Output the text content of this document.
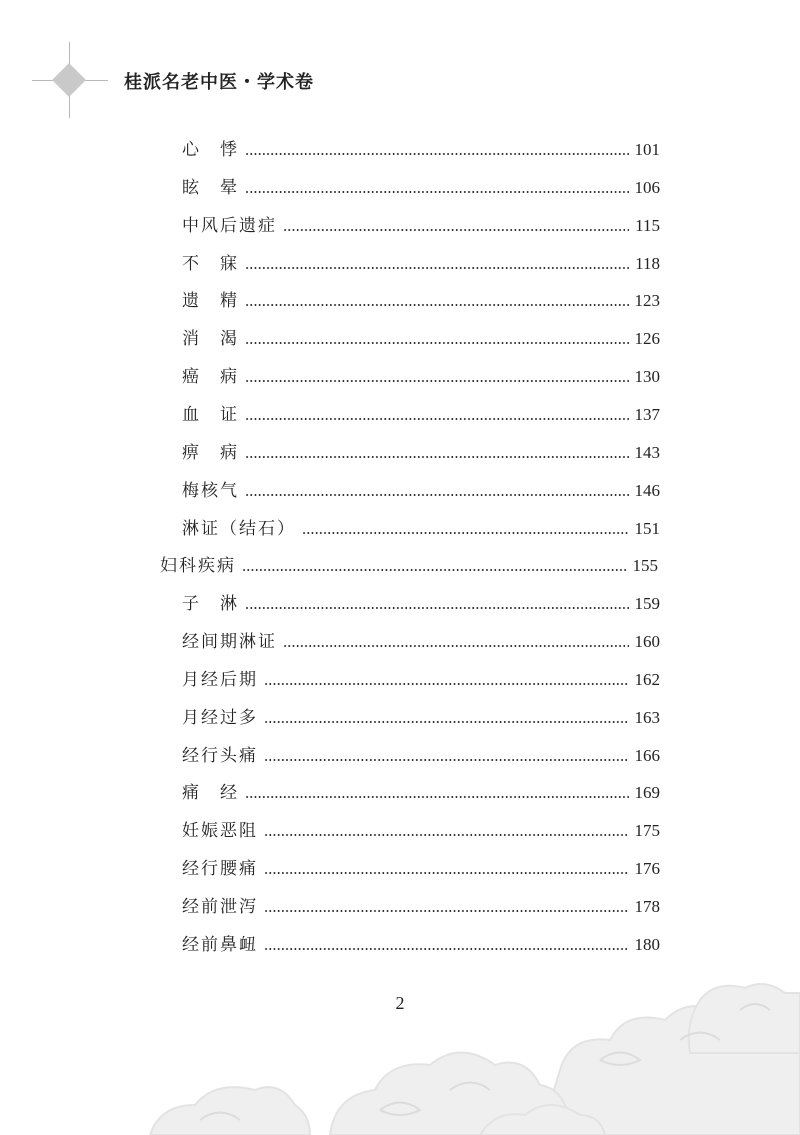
桂派名老中医・学术卷
心　悸	101
眩　晕	106
中风后遗症	115
不　寐	118
遗　精	123
消　渴	126
癌　病	130
血　证	137
痹　病	143
梅核气	146
淋证（结石）	151
妇科疾病	155
子　淋	159
经间期淋证	160
月经后期	162
月经过多	163
经行头痛	166
痛　经	169
妊娠恶阻	175
经行腰痛	176
经前泄泻	178
经前鼻衄	180
2
